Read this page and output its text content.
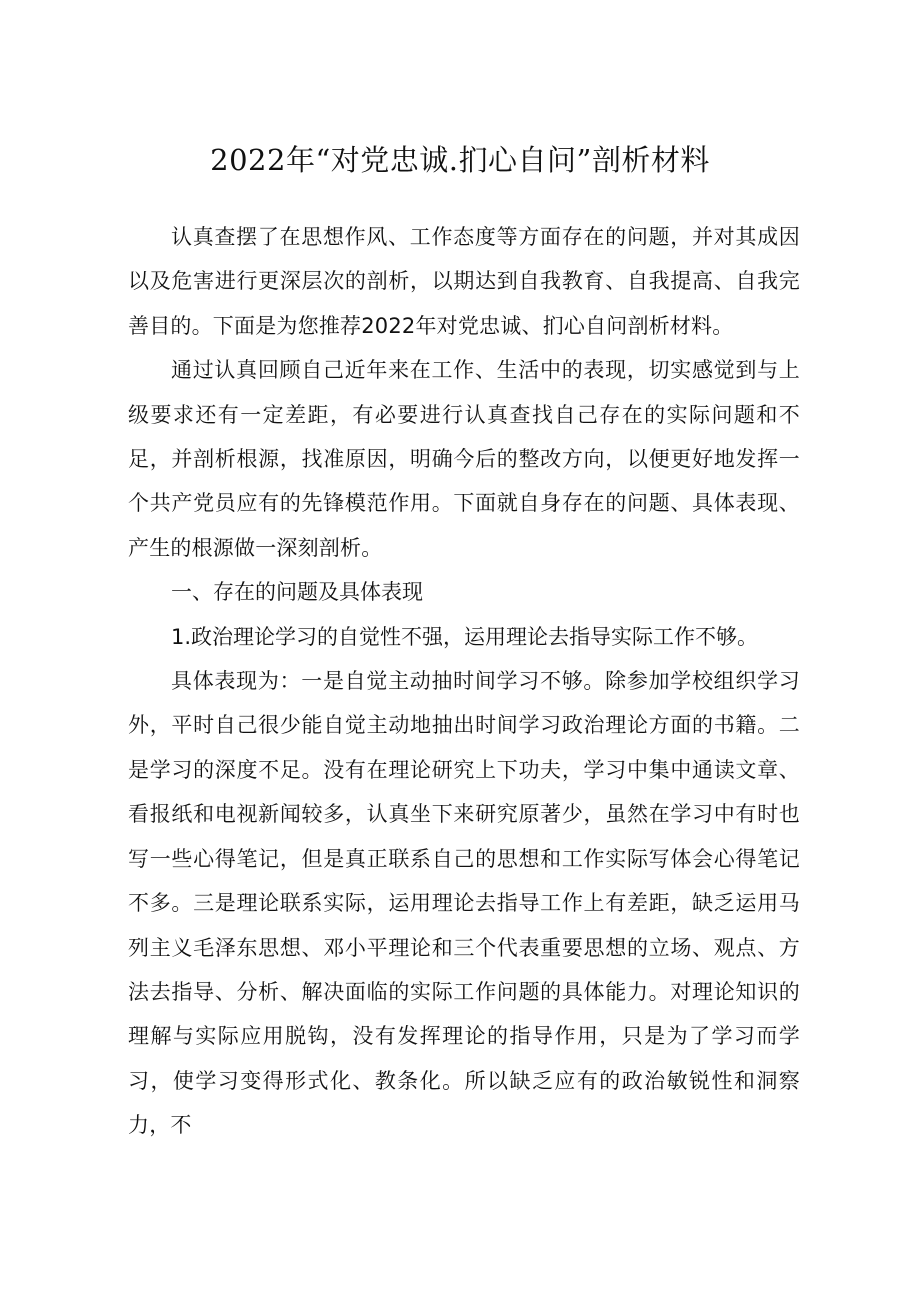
2022年“对党忠诚.扪心自问”剖析材料

认真查摆了在思想作风、工作态度等方面存在的问题，并对其成因以及危害进行更深层次的剖析，以期达到自我教育、自我提高、自我完善目的。下面是为您推荐2022年对党忠诚、扪心自问剖析材料。

通过认真回顾自己近年来在工作、生活中的表现，切实感觉到与上级要求还有一定差距，有必要进行认真查找自己存在的实际问题和不足，并剖析根源，找准原因，明确今后的整改方向，以便更好地发挥一个共产党员应有的先锋模范作用。下面就自身存在的问题、具体表现、产生的根源做一深刻剖析。

一、存在的问题及具体表现

1.政治理论学习的自觉性不强，运用理论去指导实际工作不够。

具体表现为：一是自觉主动抽时间学习不够。除参加学校组织学习外，平时自己很少能自觉主动地抽出时间学习政治理论方面的书籍。二是学习的深度不足。没有在理论研究上下功夫，学习中集中通读文章、看报纸和电视新闻较多，认真坐下来研究原著少，虽然在学习中有时也写一些心得笔记，但是真正联系自己的思想和工作实际写体会心得笔记不多。三是理论联系实际，运用理论去指导工作上有差距，缺乏运用马列主义毛泽东思想、邓小平理论和三个代表重要思想的立场、观点、方法去指导、分析、解决面临的实际工作问题的具体能力。对理论知识的理解与实际应用脱钩，没有发挥理论的指导作用，只是为了学习而学习，使学习变得形式化、教条化。所以缺乏应有的政治敏锐性和洞察力，不
